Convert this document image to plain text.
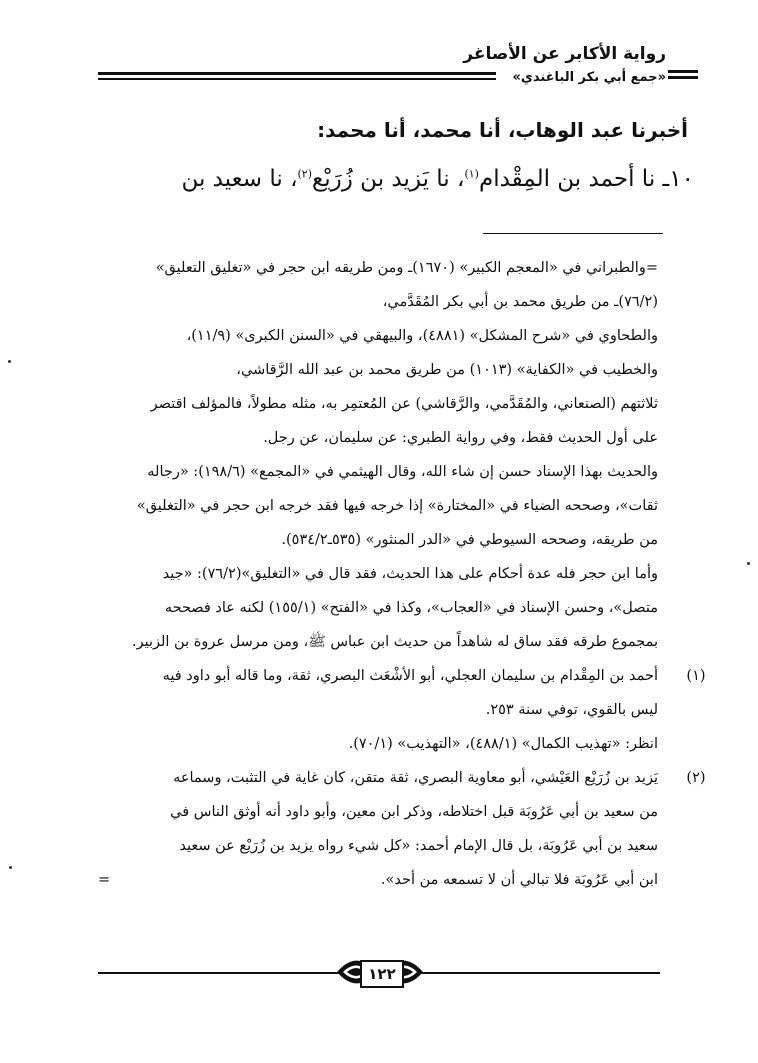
رواية الأكابر عن الأصاغر
«جمع أبي بكر الباغندي»
أخبرنا عبد الوهاب، أنا محمد، أنا محمد:
١٠ـ نا أحمد بن المِقْدام$^{(١)}$، نا يَزيد بن زُرَيْع$^{(٢)}$، نا سعيد بن
=والطبراني في «المعجم الكبير» (١٦٧٠)ـ ومن طريقه ابن حجر في «تغليق التعليق»
(٧٦/٢)ـ من طريق محمد بن أبي بكر المُقَدَّمي،
والطحاوي في «شرح المشكل» (٤٨٨١)، والبيهقي في «السنن الكبرى» (١١/٩)،
والخطيب في «الكفاية» (١٠١٣) من طريق محمد بن عبد الله الرَّقاشي،
ثلاثتهم (الصنعاني، والمُقَدَّمي، والرَّقاشي) عن المُعتمِر به، مثله مطولاً، فالمؤلف اقتصر
على أول الحديث فقط، وفي رواية الطبري: عن سليمان، عن رجل.
والحديث بهذا الإسناد حسن إن شاء الله، وقال الهيثمي في «المجمع» (١٩٨/٦): «رجاله
ثقات»، وصححه الضياء في «المختارة» إذا خرجه فيها فقد خرجه ابن حجر في «التغليق»
من طريقه، وصححه السيوطي في «الدر المنثور» (٥٣٥ـ٥٣٤/٢).
وأما ابن حجر فله عدة أحكام على هذا الحديث، فقد قال في «التغليق»(٧٦/٢): «جيد
متصل»، وحسن الإسناد في «العجاب»، وكذا في «الفتح» (١٥٥/١) لكنه عاد فصححه
بمجموع طرقه فقد ساق له شاهداً من حديث ابن عباس ﷺ، ومن مرسل عروة بن الزبير.
(١)
أحمد بن المِقْدام بن سليمان العجلي، أبو الأشْعَث البصري، ثقة، وما قاله أبو داود فيه
ليس بالقوي، توفي سنة ٢٥٣.
انظر: «تهذيب الكمال» (٤٨٨/١)، «التهذيب» (٧٠/١).
(٢)
يَزيد بن زُرَيْع العَيْشي، أبو معاوية البصري، ثقة متقن، كان غاية في التثبت، وسماعه
من سعيد بن أبي عَرُوبَة قبل اختلاطه، وذكر ابن معين، وأبو داود أنه أوثق الناس في
سعيد بن أبي عَرُوبَة، بل قال الإمام أحمد: «كل شيء رواه يزيد بن زُرَيْع عن سعيد
ابن أبي عَرُوبَة فلا تبالي أن لا تسمعه من أحد».
=
١٢٢
